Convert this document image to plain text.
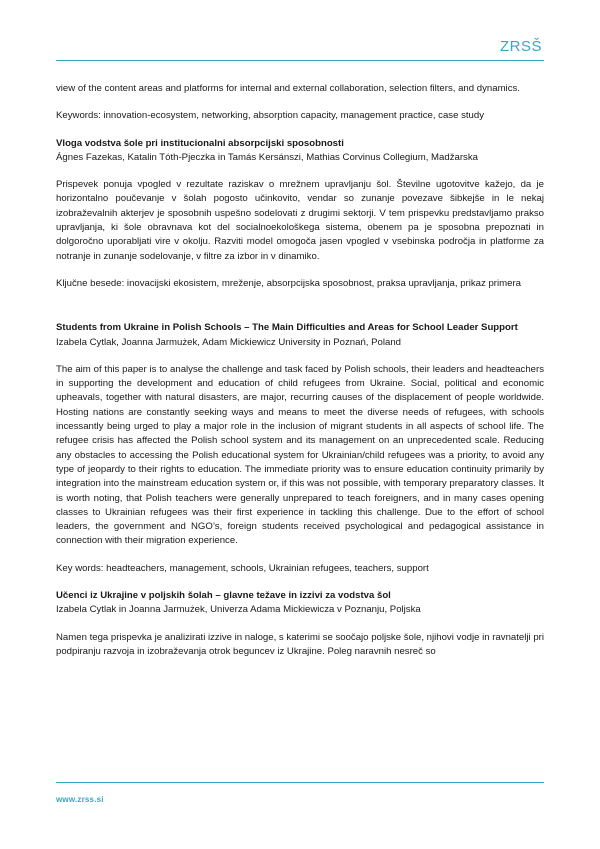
ZRSŠ

view of the content areas and platforms for internal and external collaboration, selection filters, and dynamics.

Keywords: innovation-ecosystem, networking, absorption capacity, management practice, case study

Vloga vodstva šole pri institucionalni absorpcijski sposobnosti

Ágnes Fazekas, Katalin Tóth-Pjeczka in Tamás Kersánszi, Mathias Corvinus Collegium, Madžarska

Prispevek ponuja vpogled v rezultate raziskav o mrežnem upravljanju šol. Številne ugotovitve kažejo, da je horizontalno poučevanje v šolah pogosto učinkovito, vendar so zunanje povezave šibkejše in le nekaj izobraževalnih akterjev je sposobnih uspešno sodelovati z drugimi sektorji. V tem prispevku predstavljamo prakso upravljanja, ki šole obravnava kot del socialnoekološkega sistema, obenem pa je sposobna prepoznati in dolgoročno uporabljati vire v okolju. Razviti model omogoča jasen vpogled v vsebinska področja in platforme za notranje in zunanje sodelovanje, v filtre za izbor in v dinamiko.

Ključne besede: inovacijski ekosistem, mreženje, absorpcijska sposobnost, praksa upravljanja, prikaz primera

Students from Ukraine in Polish Schools – The Main Difficulties and Areas for School Leader Support

Izabela Cytlak, Joanna Jarmużek, Adam Mickiewicz University in Poznań, Poland

The aim of this paper is to analyse the challenge and task faced by Polish schools, their leaders and headteachers in supporting the development and education of child refugees from Ukraine. Social, political and economic upheavals, together with natural disasters, are major, recurring causes of the displacement of people worldwide. Hosting nations are constantly seeking ways and means to meet the diverse needs of refugees, with schools incessantly being urged to play a major role in the inclusion of migrant students in all aspects of school life. The refugee crisis has affected the Polish school system and its management on an unprecedented scale. Reducing any obstacles to accessing the Polish educational system for Ukrainian/child refugees was a priority, to avoid any type of jeopardy to their rights to education. The immediate priority was to ensure education continuity primarily by integration into the mainstream education system or, if this was not possible, with temporary preparatory classes. It is worth noting, that Polish teachers were generally unprepared to teach foreigners, and in many cases opening classes to Ukrainian refugees was their first experience in tackling this challenge. Due to the effort of school leaders, the government and NGO’s, foreign students received psychological and pedagogical assistance in connection with their migration experience.

Key words: headteachers, management, schools, Ukrainian refugees, teachers, support

Učenci iz Ukrajine v poljskih šolah – glavne težave in izzivi za vodstva šol

Izabela Cytlak in Joanna Jarmużek, Univerza Adama Mickiewicza v Poznanju, Poljska

Namen tega prispevka je analizirati izzive in naloge, s katerimi se soočajo poljske šole, njihovi vodje in ravnatelji pri podpiranju razvoja in izobraževanja otrok beguncev iz Ukrajine. Poleg naravnih nesreč so

www.zrss.si
